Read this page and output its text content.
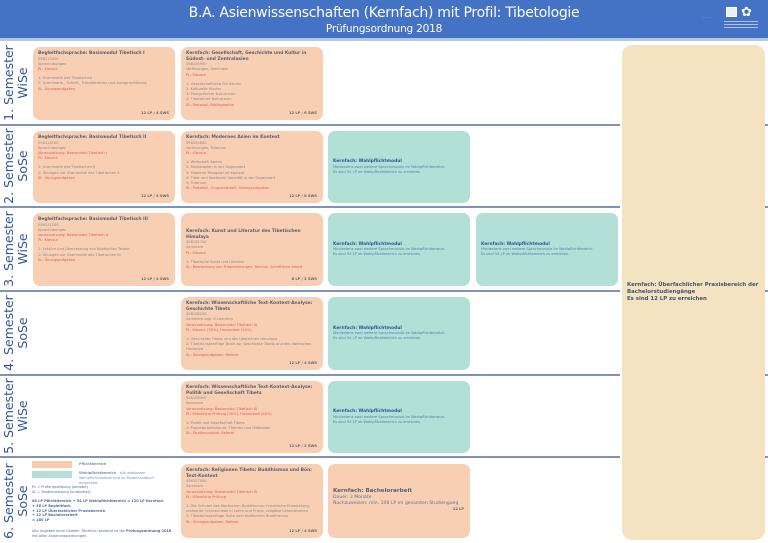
B.A. Asienwissenschaften (Kernfach) mit Profil: Tibetologie
Prüfungsordnung 2018
···· ·· · ✿
1. Semester WiSe
Begleitfachsprache: Basismodul Tibetisch I
558113000
Sprachübungen
PL: Klausur
1: Grammatik des Tibetischen
2: Grammatik-, Schrift-, Transliteration und Aussprachübung
SL: Übungsaufgaben
12 LP / 4 SWS
Kernfach: Gesellschaft, Geschichte und Kultur in Südost- und Zentralasien
558130900
Vorlesungen, Seminare
PL: Klausur
1: Gesellschaftliche Strukturen
2: Kulturelle Muster
3: Mongolischer Kulturraum
4: Tibetischer Kulturraum
SL: Protokoll, Bibliographie
12 LP / 6 SWS
2. Semester SoSe
Begleitfachsprache: Basismodul Tibetisch II
558113100
Sprachübungen
Voraussetzung: Basismodul Tibetisch I
PL: Klausur
1: Grammatik des Tibetischen II
2: Übungen zur Grammatik des Tibetischen II
SL: Übungsaufgaben
12 LP / 4 SWS
Kernfach: Modernes Asien im Kontext
558104800
Vorlesungen, Tutorium
PL: Klausur
1: Wirtschaft Asiens
2: Südostasien in der Gegenwart
3: Moderne Mongolei im Kontext
4: Tibet und tibetische Identität in der Gegenwart
5: Tutorium
SL: Protokoll, Gruppenarbeit, Übungsaufgaben
12 LP / 8 SWS
Kernfach: Wahlpflichtmodul
Mindestens zwei weitere Sprachmodule im Wahlpflichtbereich.
Es sind 54 LP im Wahlpflichtbereich zu erreichen.
3. Semester WiSe
Begleitfachsprache: Basismodul Tibetisch III
558121200
Sprachübungen
Voraussetzung: Basismodul Tibetisch II
PL: Klausur
1: Lektüre und Übersetzung von tibetischen Texten
2: Übungen zur Grammatik des Tibetischen III
SL: Übungsaufgaben
12 LP / 4 SWS
Kernfach: Kunst und Literatur des Tibetischen Himalaya
558104700
Seminare
PL: Klausur
1: Tibetische Kunst und Literatur
SL: Bearbeitung von Fragestellungen, Referat, Schriftliche Arbeit
6 LP / 2 SWS
Kernfach: Wahlpflichtmodul
Mindestens zwei weitere Sprachmodule im Wahlpflichtbereich.
Es sind 54 LP im Wahlpflichtbereich zu erreichen.
Kernfach: Wahlpflichtmodul
Mindestens zwei weitere Sprachmodule im Wahlpflichtbereich.
Es sind 54 LP im Wahlpflichtbereich zu erreichen.
4. Semester SoSe
Kernfach: Wissenschaftliche Text-Kontext-Analyse: Geschichte Tibets
558108100
Seminare zzgl. E-Learning
Voraussetzung: Basismodul Tibetisch III
PL: Klausur (50%), Hausarbeit (50%)
1: Geschichte Tibets und des tibetischen Himalaya
2: Tibetischsprachige Texte zur Geschichte Tibets und des tibetischen Himalaya
SL: Übungsaufgaben, Referat
12 LP / 4 SWS
Kernfach: Wahlpflichtmodul
Mindestens zwei weitere Sprachmodule im Wahlpflichtbereich.
Es sind 54 LP im Wahlpflichtbereich zu erreichen.
5. Semester WiSe
Kernfach: Wissenschaftliche Text-Kontext-Analyse: Politik und Gesellschaft Tibets
558108300
Seminare
Voraussetzung: Basismodul Tibetisch III
PL: Mündliche Prüfung (40%), Hausarbeit (60%)
1: Politik und Gesellschaft Tibets
2: Projektarbeitsforum: Themen und Methoden
SL: Studienprojekt, Referat
12 LP / 2 SWS
Kernfach: Wahlpflichtmodul
Mindestens zwei weitere Sprachmodule im Wahlpflichtbereich.
Es sind 54 LP im Wahlpflichtbereich zu erreichen.
6. Semester SoSe
Kernfach: Religionen Tibets: Buddhismus und Bön: Text-Kontext
558107000
Seminare
Voraussetzung: Basismodul Tibetisch III
PL: Mündliche Prüfung
1: Die Schulen des tibetischen Buddhismus: historische Entwicklung, markante Unterschiede in Lehre und Praxis, religiöse Lebensformen
2: Tibetischsprachige Texte zum tibetischen Buddhismus
SL: Übungsaufgaben, Referat
12 LP / 4 SWS
Kernfach: Bachelorarbeit
Dauer: 3 Monate
Nachzuweisen: min. 108 LP im gesamten Studiengang
12 LP
Pflichtbereich
Wahlpflichtbereich - alle wählbaren Wahlpflichtmodule sind im Modulhandbuch aufgelistet
PL = Prüfungsleistung (benotet)
SL = Studienleistung (unbenotet)
66 LP Pflichtbereich + 54 LP Wahlpflichtbereich = 120 LP Kernfach
+ 36 LP Begleitfach
+ 12 LP Überfachlicher Praxisbereich
+ 12 LP Bachelorarbeit
= 180 LP
Alle Angaben ohne Gewähr. Rechtlich bindend ist die Prüfungsordnung 2018 mit allen Änderungsordnungen.
Kernfach: Überfachlicher Praxisbereich der Bachelorstudiengänge
Es sind 12 LP zu erreichen
